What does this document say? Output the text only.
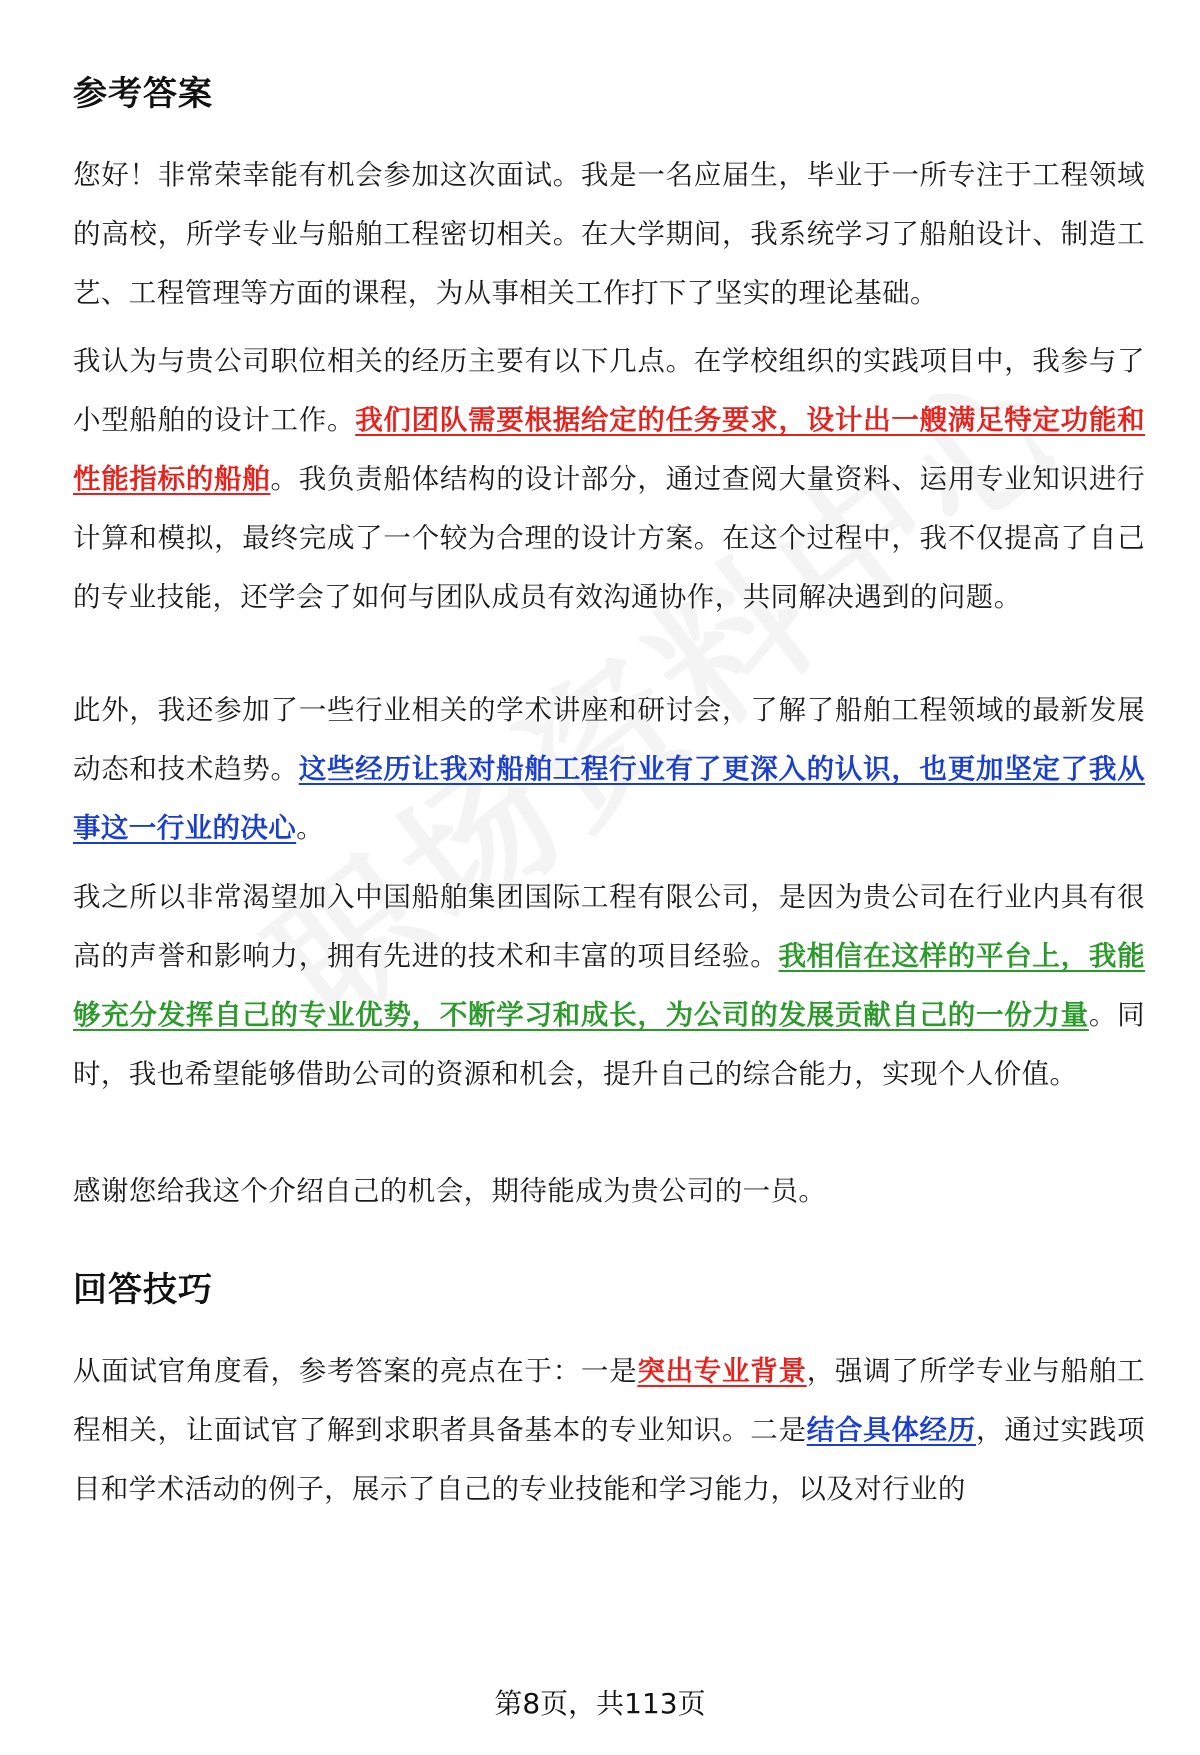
参考答案

您好！非常荣幸能有机会参加这次面试。我是一名应届生，毕业于一所专注于工程领域的高校，所学专业与船舶工程密切相关。在大学期间，我系统学习了船舶设计、制造工艺、工程管理等方面的课程，为从事相关工作打下了坚实的理论基础。

我认为与贵公司职位相关的经历主要有以下几点。在学校组织的实践项目中，我参与了小型船舶的设计工作。我们团队需要根据给定的任务要求，设计出一艘满足特定功能和性能指标的船舶。我负责船体结构的设计部分，通过查阅大量资料、运用专业知识进行计算和模拟，最终完成了一个较为合理的设计方案。在这个过程中，我不仅提高了自己的专业技能，还学会了如何与团队成员有效沟通协作，共同解决遇到的问题。

此外，我还参加了一些行业相关的学术讲座和研讨会，了解了船舶工程领域的最新发展动态和技术趋势。这些经历让我对船舶工程行业有了更深入的认识，也更加坚定了我从事这一行业的决心。

我之所以非常渴望加入中国船舶集团国际工程有限公司，是因为贵公司在行业内具有很高的声誉和影响力，拥有先进的技术和丰富的项目经验。我相信在这样的平台上，我能够充分发挥自己的专业优势，不断学习和成长，为公司的发展贡献自己的一份力量。同时，我也希望能够借助公司的资源和机会，提升自己的综合能力，实现个人价值。

感谢您给我这个介绍自己的机会，期待能成为贵公司的一员。

回答技巧

从面试官角度看，参考答案的亮点在于：一是突出专业背景，强调了所学专业与船舶工程相关，让面试官了解到求职者具备基本的专业知识。二是结合具体经历，通过实践项目和学术活动的例子，展示了自己的专业技能和学习能力，以及对行业的

第8页，共113页
